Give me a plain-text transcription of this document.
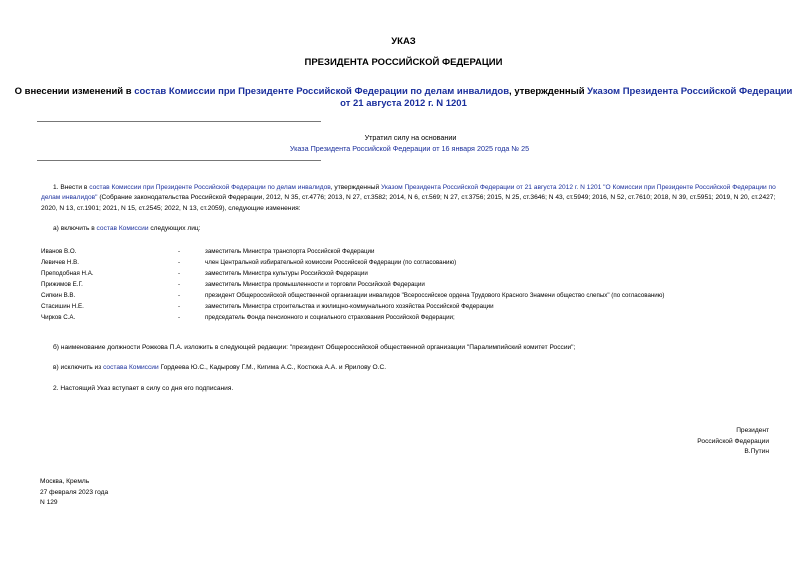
УКАЗ
ПРЕЗИДЕНТА РОССИЙСКОЙ ФЕДЕРАЦИИ
О внесении изменений в состав Комиссии при Президенте Российской Федерации по делам инвалидов, утвержденный Указом Президента Российской Федерации
от 21 августа 2012 г. N 1201
Утратил силу на основании
Указа Президента Российской Федерации от 16 января 2025 года № 25
1. Внести в состав Комиссии при Президенте Российской Федерации по делам инвалидов, утвержденный Указом Президента Российской Федерации от 21 августа 2012 г. N 1201 "О Комиссии при Президенте Российской Федерации по делам инвалидов" (Собрание законодательства Российской Федерации, 2012, N 35, ст.4776; 2013, N 27, ст.3582; 2014, N 6, ст.569; N 27, ст.3756; 2015, N 25, ст.3646; N 43, ст.5949; 2016, N 52, ст.7610; 2018, N 39, ст.5951; 2019, N 20, ст.2427; 2020, N 13, ст.1901; 2021, N 15, ст.2545; 2022, N 13, ст.2059), следующие изменения:
а) включить в состав Комиссии следующих лиц:
Иванов В.О.	-	заместитель Министра транспорта Российской Федерации
Левичев Н.В.	-	член Центральной избирательной комиссии Российской Федерации (по согласованию)
Преподобная Н.А.	-	заместитель Министра культуры Российской Федерации
Прижимов Е.Г.	-	заместитель Министра промышленности и торговли Российской Федерации
Сипкин В.В.	-	президент Общероссийской общественной организации инвалидов "Всероссийское ордена Трудового Красного Знамени общество слепых" (по согласованию)
Стасишин Н.Е.	-	заместитель Министра строительства и жилищно-коммунального хозяйства Российской Федерации
Чирков С.А.	-	председатель Фонда пенсионного и социального страхования Российской Федерации;
б) наименование должности Рожкова П.А. изложить в следующей редакции: "президент Общероссийской общественной организации "Паралимпийский комитет России";
в) исключить из состава Комиссии Гордеева Ю.С., Кадырову Г.М., Кигима А.С., Костюка А.А. и Ярилову О.С.
2. Настоящий Указ вступает в силу со дня его подписания.
Президент
Российской Федерации
В.Путин
Москва, Кремль
27 февраля 2023 года
N 129
